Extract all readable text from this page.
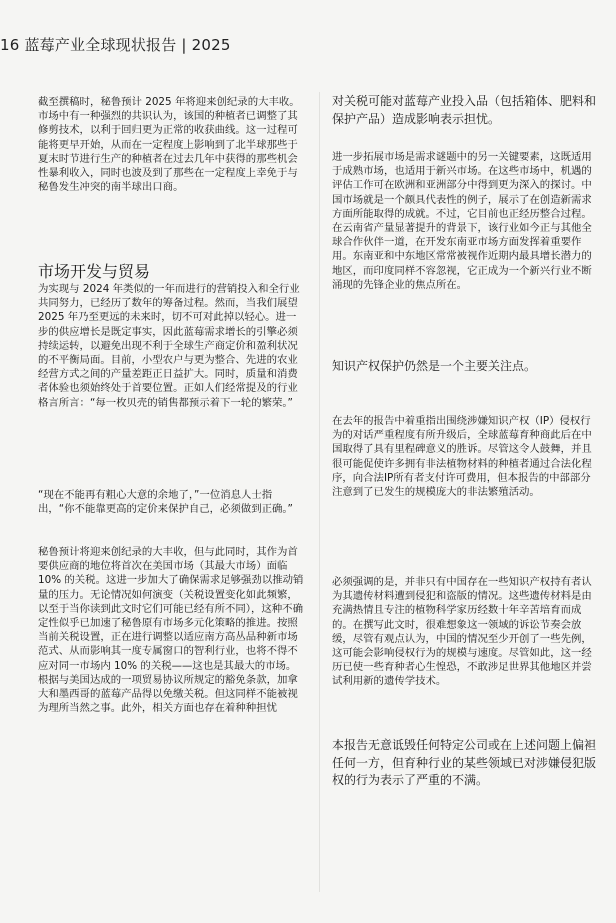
16 蓝莓产业全球现状报告 | 2025

截至撰稿时，秘鲁预计 2025 年将迎来创纪录的大丰收。市场中有一种强烈的共识认为，该国的种植者已调整了其修剪技术，以利于回归更为正常的收获曲线。这一过程可能将更早开始，从而在一定程度上影响到了北半球那些于夏末时节进行生产的种植者在过去几年中获得的那些机会性暴利收入，同时也波及到了那些在一定程度上幸免于与秘鲁发生冲突的南半球出口商。

市场开发与贸易

为实现与 2024 年类似的一年而进行的营销投入和全行业共同努力，已经历了数年的筹备过程。然而，当我们展望 2025 年乃至更远的未来时，切不可对此掉以轻心。进一步的供应增长是既定事实，因此蓝莓需求增长的引擎必须持续运转，以避免出现不利于全球生产商定价和盈利状况的不平衡局面。目前，小型农户与更为整合、先进的农业经营方式之间的产量差距正日益扩大。同时，质量和消费者体验也须始终处于首要位置。正如人们经常提及的行业格言所言：“每一枚贝壳的销售都预示着下一轮的繁荣。”

“现在不能再有粗心大意的余地了，”一位消息人士指出，“你不能靠更高的定价来保护自己，必须做到正确。”

秘鲁预计将迎来创纪录的大丰收，但与此同时，其作为首要供应商的地位将首次在美国市场（其最大市场）面临 10% 的关税。这进一步加大了确保需求足够强劲以推动销量的压力。无论情况如何演变（关税设置变化如此频繁，以至于当你读到此文时它们可能已经有所不同），这种不确定性似乎已加速了秘鲁原有市场多元化策略的推进。按照当前关税设置，正在进行调整以适应南方高丛品种新市场范式、从而影响其一度专属窗口的智利行业，也将不得不应对同一市场内 10% 的关税——这也是其最大的市场。 根据与美国达成的一项贸易协议所规定的豁免条款，加拿大和墨西哥的蓝莓产品得以免缴关税。但这同样不能被视为理所当然之事。此外，相关方面也存在着种种担忧

对关税可能对蓝莓产业投入品（包括箱体、肥料和保护产品）造成影响表示担忧。

进一步拓展市场是需求谜题中的另一关键要素，这既适用于成熟市场，也适用于新兴市场。在这些市场中，机遇的评估工作可在欧洲和亚洲部分中得到更为深入的探讨。中国市场就是一个颇具代表性的例子，展示了在创造新需求方面所能取得的成就。不过，它目前也正经历整合过程。在云南省产量显著提升的背景下，该行业如今正与其他全球合作伙伴一道，在开发东南亚市场方面发挥着重要作用。东南亚和中东地区常常被视作近期内最具增长潜力的地区，而印度同样不容忽视，它正成为一个新兴行业不断涌现的先锋企业的焦点所在。

知识产权保护仍然是一个主要关注点。

在去年的报告中着重指出围绕涉嫌知识产权（IP）侵权行为的对话严重程度有所升级后，全球蓝莓育种商此后在中国取得了具有里程碑意义的胜诉。尽管这令人鼓舞，并且很可能促使许多拥有非法植物材料的种植者通过合法化程序，向合法IP所有者支付许可费用，但本报告的中部部分注意到了已发生的规模庞大的非法繁殖活动。

必须强调的是，并非只有中国存在一些知识产权持有者认为其遗传材料遭到侵犯和盗版的情况。这些遗传材料是由充满热情且专注的植物科学家历经数十年辛苦培育而成的。在撰写此文时，很难想象这一领域的诉讼节奏会放缓，尽管有观点认为，中国的情况至少开创了一些先例，这可能会影响侵权行为的规模与速度。尽管如此，这一经历已使一些育种者心生惶恐，不敢涉足世界其他地区并尝试利用新的遗传学技术。

本报告无意诋毁任何特定公司或在上述问题上偏袒任何一方，但育种行业的某些领域已对涉嫌侵犯版权的行为表示了严重的不满。
